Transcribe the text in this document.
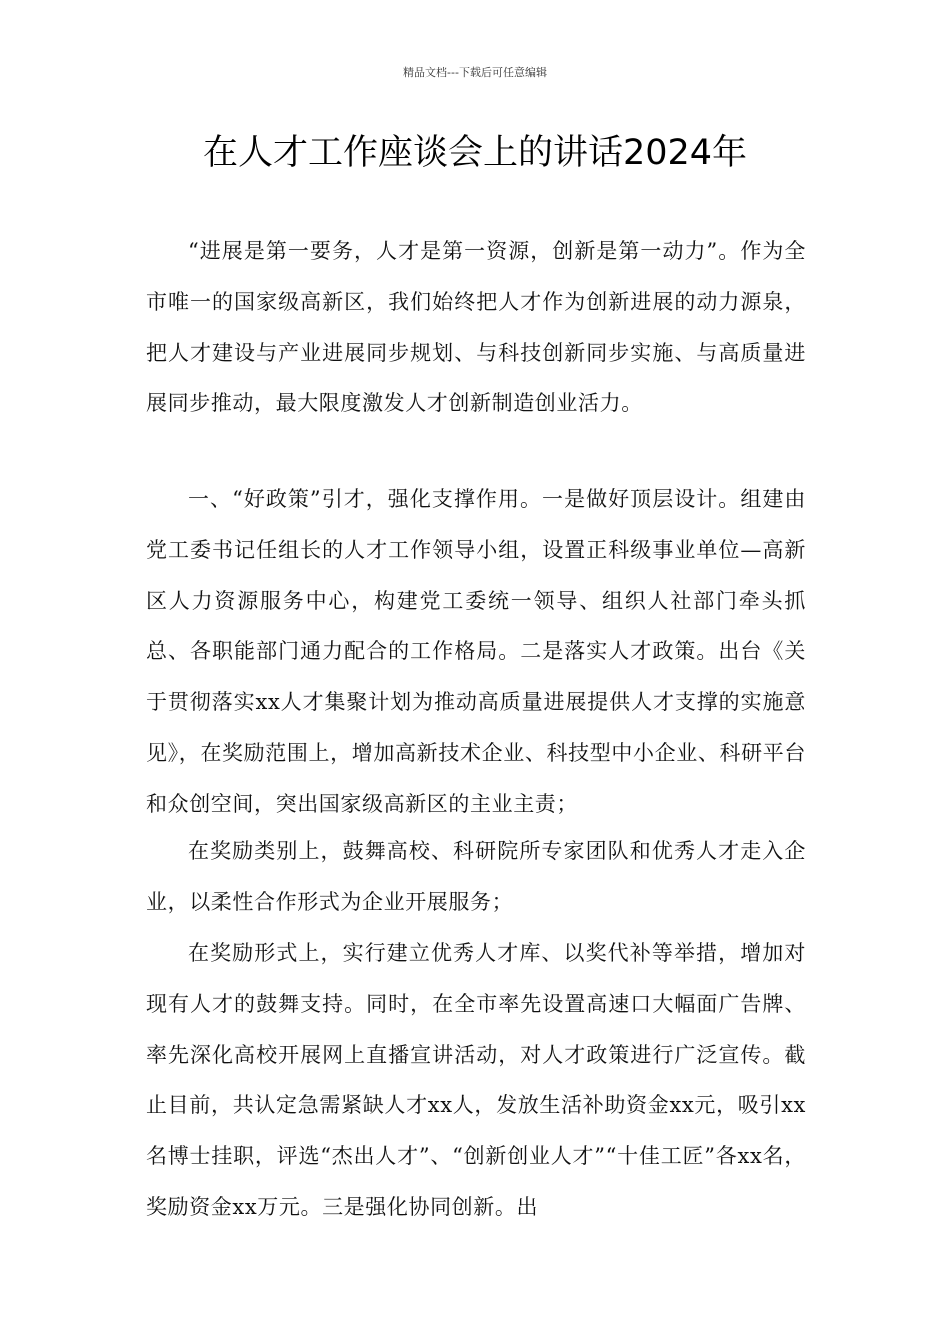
精品文档---下载后可任意编辑
在人才工作座谈会上的讲话2024年

“进展是第一要务，人才是第一资源，创新是第一动力”。作为全市唯一的国家级高新区，我们始终把人才作为创新进展的动力源泉，把人才建设与产业进展同步规划、与科技创新同步实施、与高质量进展同步推动，最大限度激发人才创新制造创业活力。

一、“好政策”引才，强化支撑作用。一是做好顶层设计。组建由党工委书记任组长的人才工作领导小组，设置正科级事业单位—高新区人力资源服务中心，构建党工委统一领导、组织人社部门牵头抓总、各职能部门通力配合的工作格局。二是落实人才政策。出台《关于贯彻落实xx人才集聚计划为推动高质量进展提供人才支撑的实施意见》，在奖励范围上，增加高新技术企业、科技型中小企业、科研平台和众创空间，突出国家级高新区的主业主责；

在奖励类别上，鼓舞高校、科研院所专家团队和优秀人才走入企业，以柔性合作形式为企业开展服务；

在奖励形式上，实行建立优秀人才库、以奖代补等举措，增加对现有人才的鼓舞支持。同时，在全市率先设置高速口大幅面广告牌、率先深化高校开展网上直播宣讲活动，对人才政策进行广泛宣传。截止目前，共认定急需紧缺人才xx人，发放生活补助资金xx元，吸引xx名博士挂职，评选“杰出人才”、“创新创业人才”“十佳工匠”各xx名，奖励资金xx万元。三是强化协同创新。出
